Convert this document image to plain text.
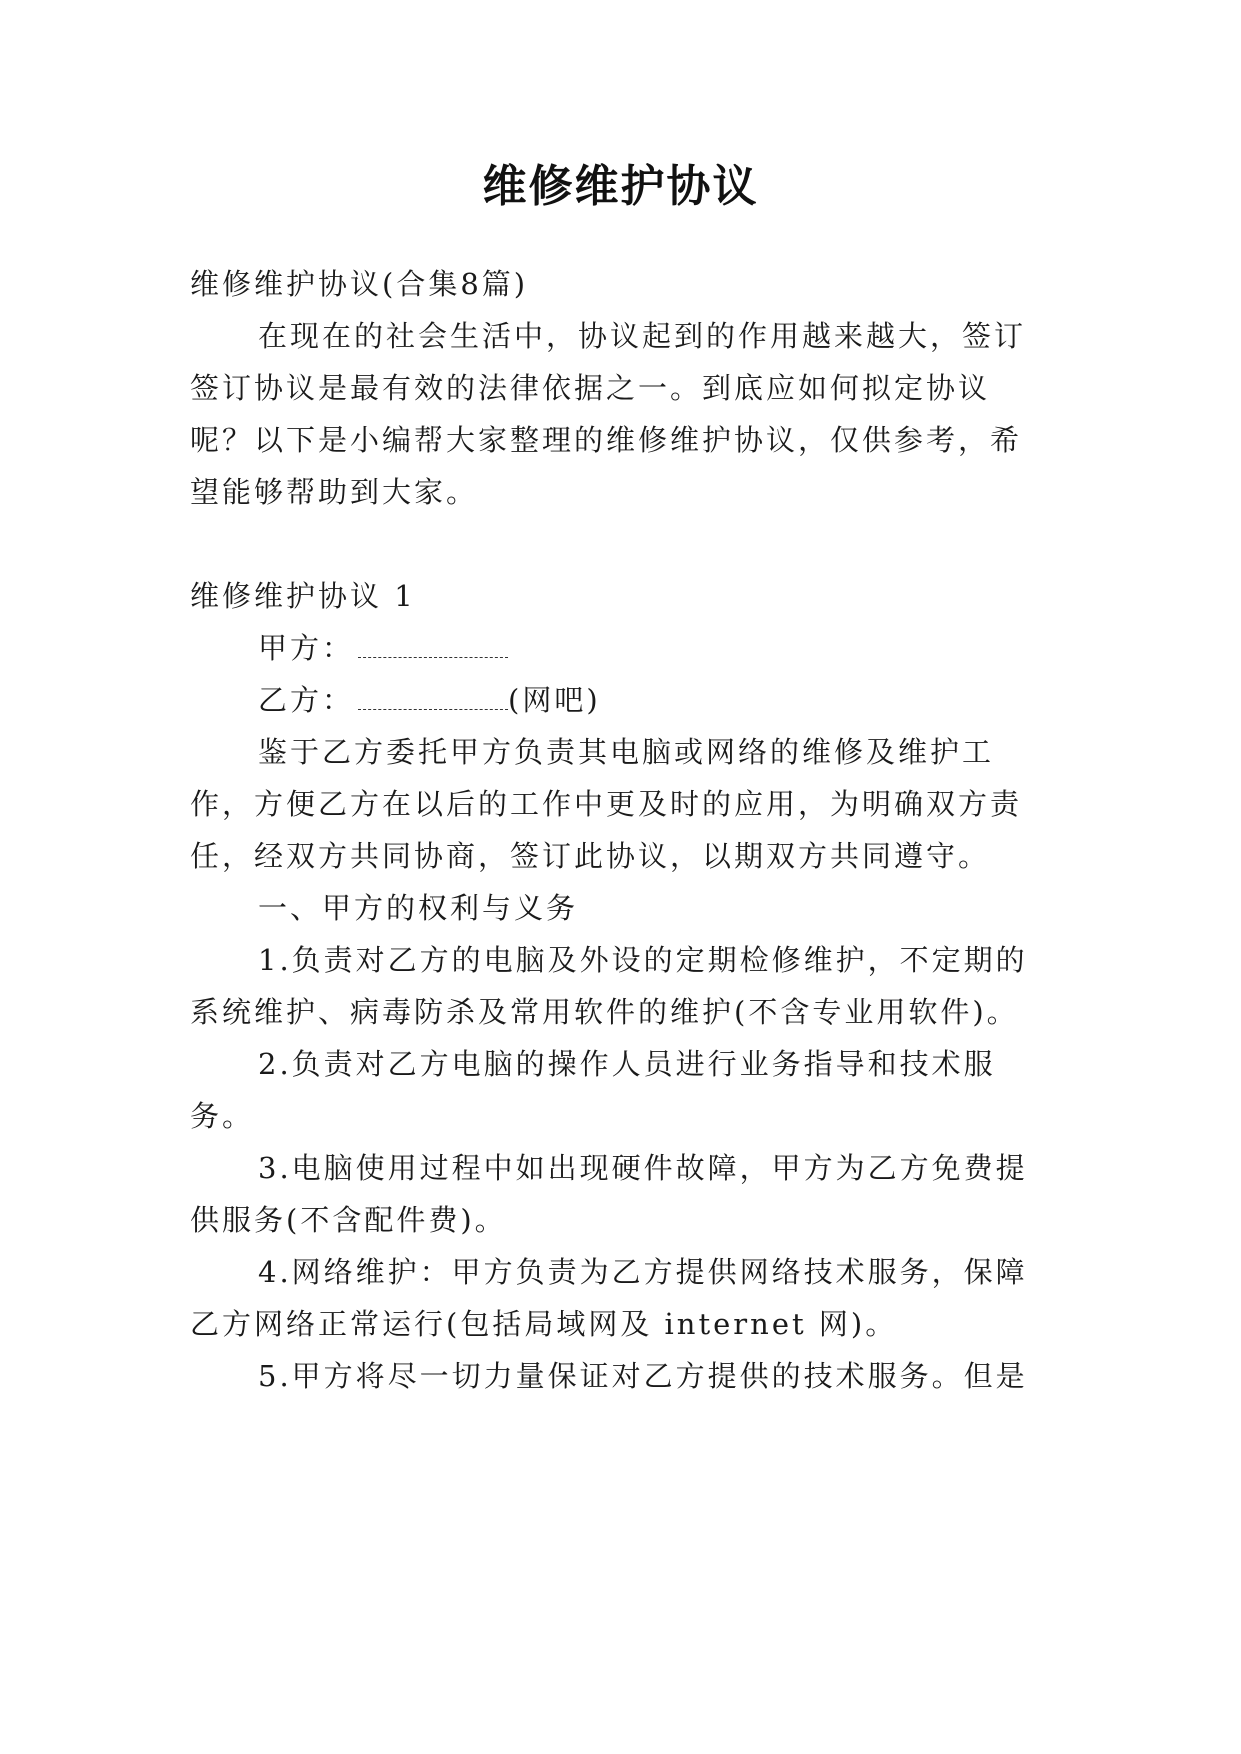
维修维护协议

维修维护协议(合集8篇)

在现在的社会生活中，协议起到的作用越来越大，签订

签订协议是最有效的法律依据之一。到底应如何拟定协议

呢？以下是小编帮大家整理的维修维护协议，仅供参考，希

望能够帮助到大家。

维修维护协议 1

甲方：

乙方：	(网吧)

鉴于乙方委托甲方负责其电脑或网络的维修及维护工

作，方便乙方在以后的工作中更及时的应用，为明确双方责

任，经双方共同协商，签订此协议，以期双方共同遵守。

一、甲方的权利与义务

1.负责对乙方的电脑及外设的定期检修维护，不定期的

系统维护、病毒防杀及常用软件的维护(不含专业用软件)。

2.负责对乙方电脑的操作人员进行业务指导和技术服

务。

3.电脑使用过程中如出现硬件故障，甲方为乙方免费提

供服务(不含配件费)。

4.网络维护：甲方负责为乙方提供网络技术服务，保障

乙方网络正常运行(包括局域网及 internet 网)。

5.甲方将尽一切力量保证对乙方提供的技术服务。但是
